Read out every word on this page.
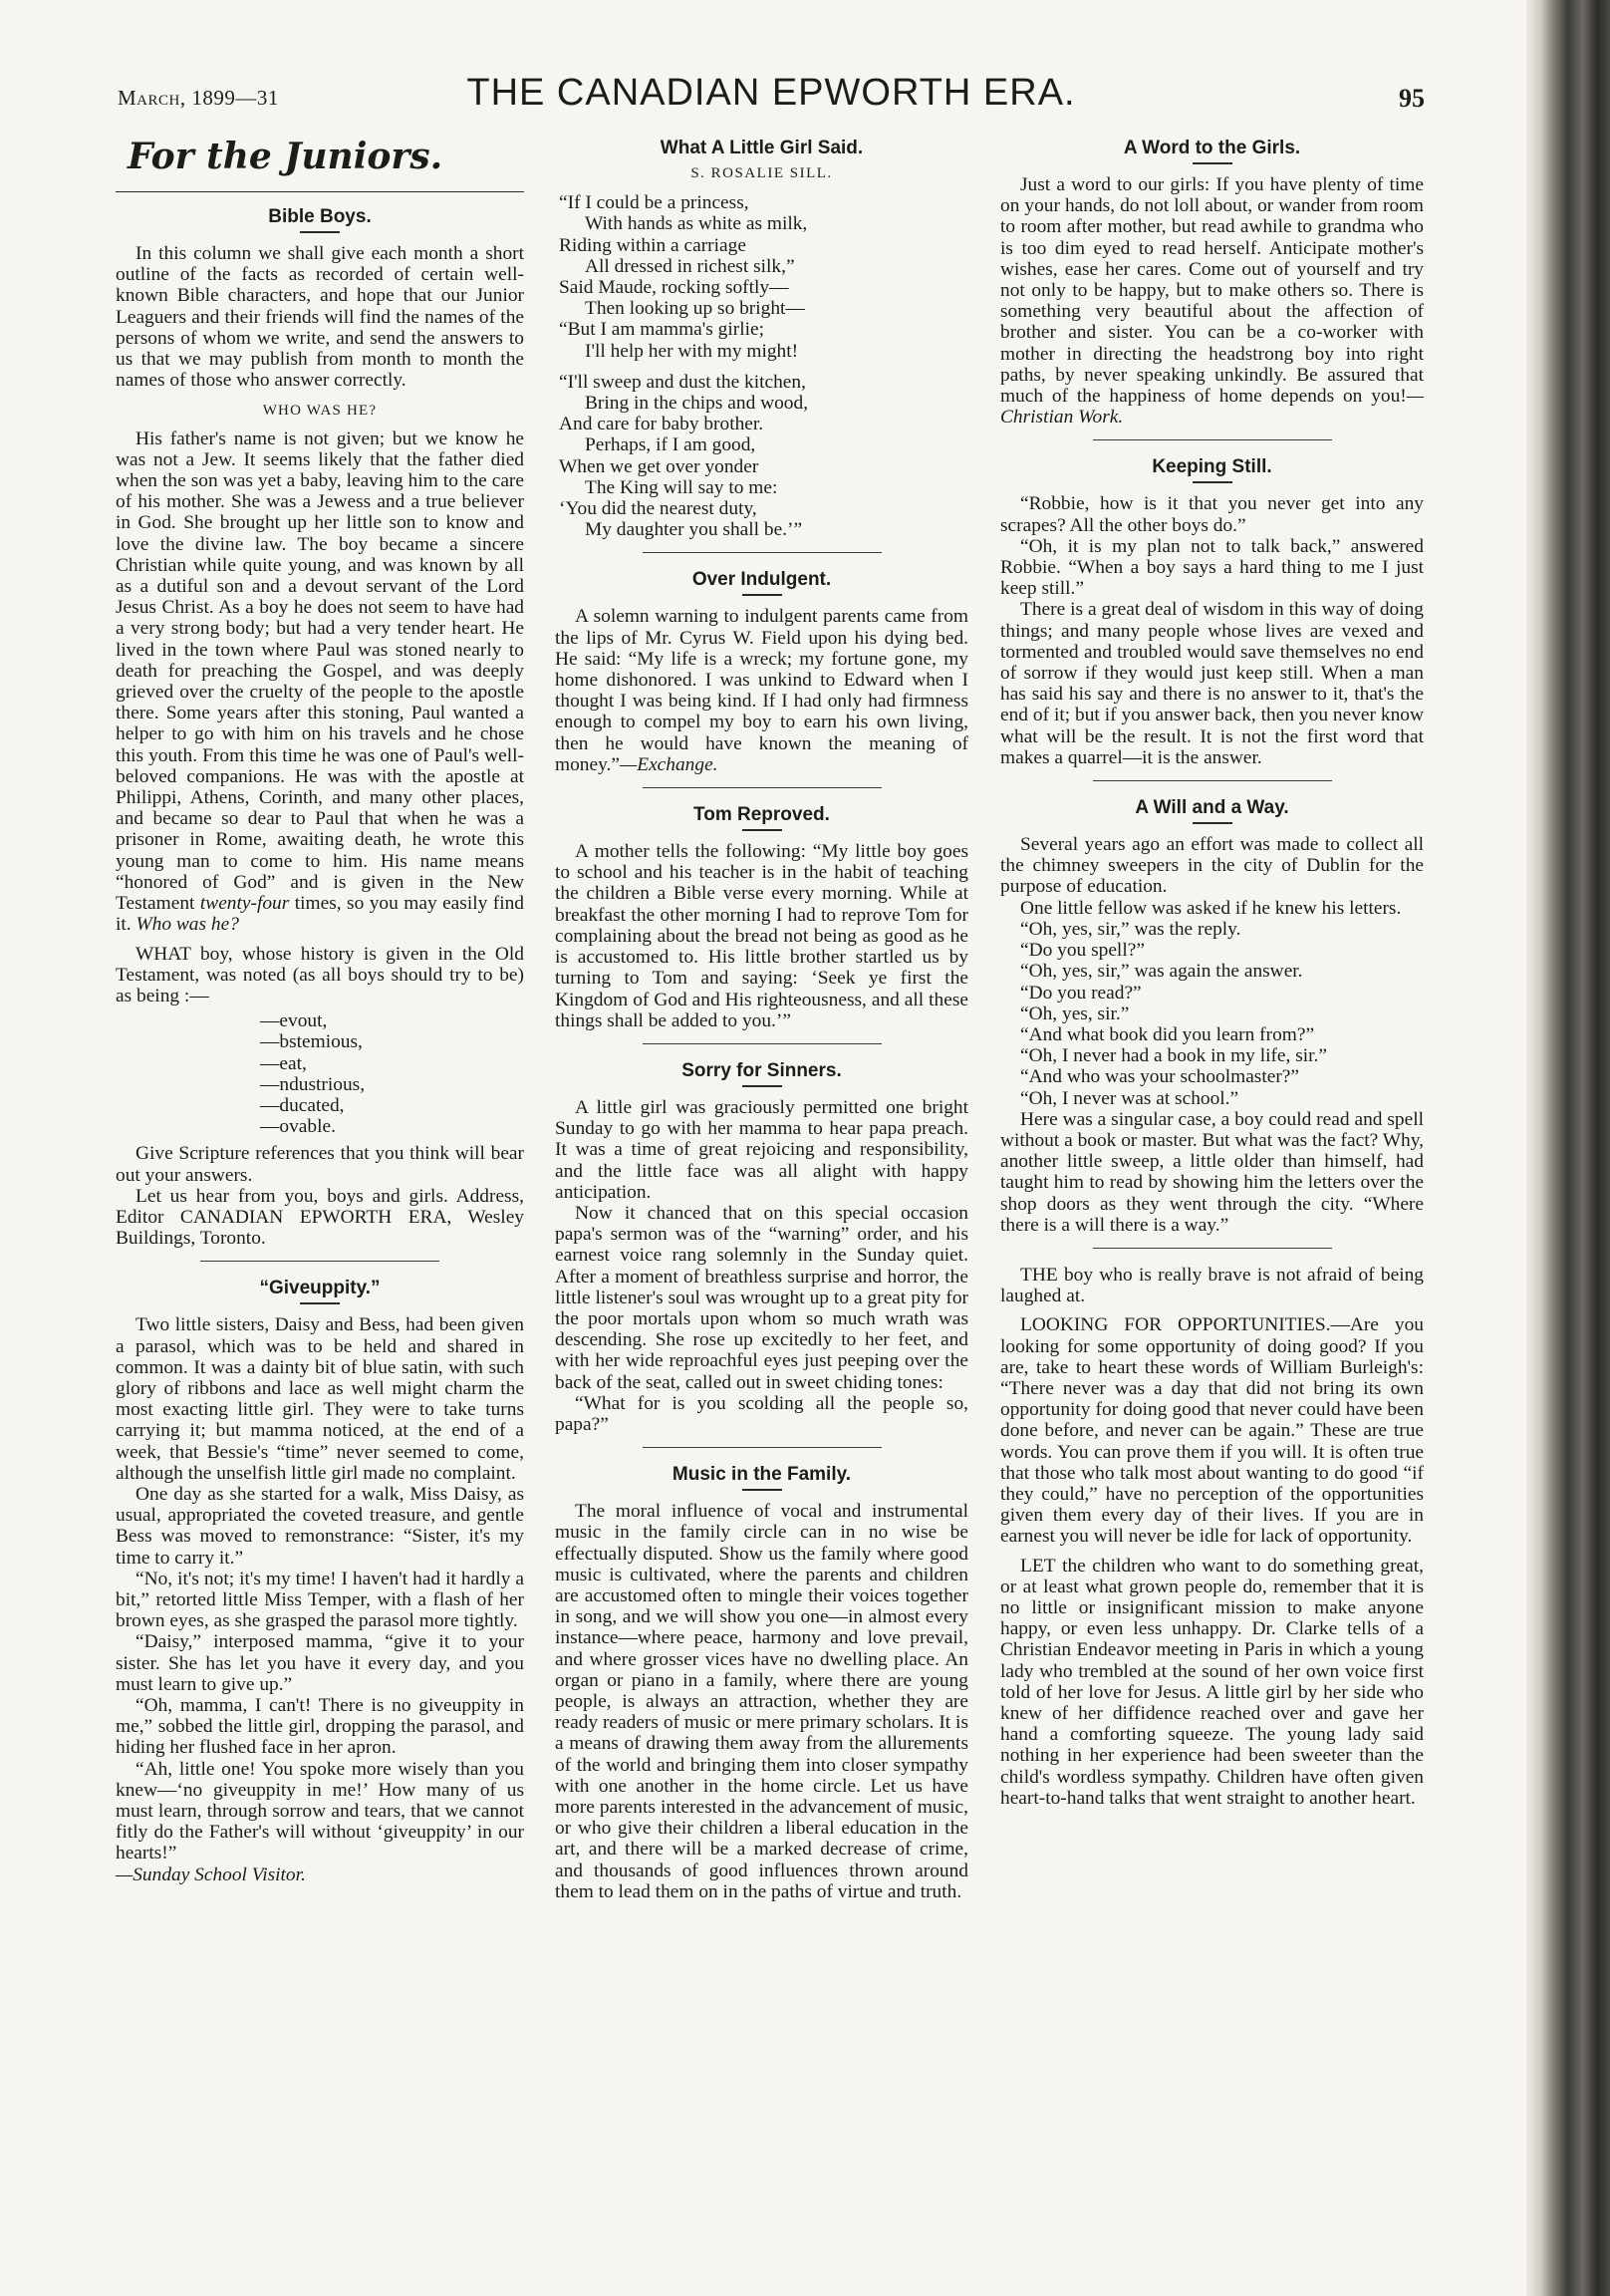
March, 1899—31	THE CANADIAN EPWORTH ERA.	95
For the Juniors.
Bible Boys.

In this column we shall give each month a short outline of the facts as recorded of certain well-known Bible characters, and hope that our Junior Leaguers and their friends will find the names of the persons of whom we write, and send the answers to us that we may publish from month to month the names of those who answer correctly.

WHO WAS HE?

His father's name is not given; but we know he was not a Jew. It seems likely that the father died when the son was yet a baby, leaving him to the care of his mother. She was a Jewess and a true believer in God. She brought up her little son to know and love the divine law. The boy became a sincere Christian while quite young, and was known by all as a dutiful son and a devout servant of the Lord Jesus Christ. As a boy he does not seem to have had a very strong body; but had a very tender heart. He lived in the town where Paul was stoned nearly to death for preaching the Gospel, and was deeply grieved over the cruelty of the people to the apostle there. Some years after this stoning, Paul wanted a helper to go with him on his travels and he chose this youth. From this time he was one of Paul's well-beloved companions. He was with the apostle at Philippi, Athens, Corinth, and many other places, and became so dear to Paul that when he was a prisoner in Rome, awaiting death, he wrote this young man to come to him. His name means “honored of God” and is given in the New Testament twenty-four times, so you may easily find it. Who was he?

WHAT boy, whose history is given in the Old Testament, was noted (as all boys should try to be) as being :—

—evout,
—bstemious,
—eat,
—ndustrious,
—ducated,
—ovable.

Give Scripture references that you think will bear out your answers.

Let us hear from you, boys and girls. Address, Editor CANADIAN EPWORTH ERA, Wesley Buildings, Toronto.

“Giveuppity.”

Two little sisters, Daisy and Bess, had been given a parasol, which was to be held and shared in common. It was a dainty bit of blue satin, with such glory of ribbons and lace as well might charm the most exacting little girl. They were to take turns carrying it; but mamma noticed, at the end of a week, that Bessie's “time” never seemed to come, although the unselfish little girl made no complaint.

One day as she started for a walk, Miss Daisy, as usual, appropriated the coveted treasure, and gentle Bess was moved to remonstrance: “Sister, it's my time to carry it.”

“No, it's not; it's my time! I haven't had it hardly a bit,” retorted little Miss Temper, with a flash of her brown eyes, as she grasped the parasol more tightly.

“Daisy,” interposed mamma, “give it to your sister. She has let you have it every day, and you must learn to give up.”

“Oh, mamma, I can't! There is no giveuppity in me,” sobbed the little girl, dropping the parasol, and hiding her flushed face in her apron.

“Ah, little one! You spoke more wisely than you knew—‘no giveuppity in me!’ How many of us must learn, through sorrow and tears, that we cannot fitly do the Father's will without ‘giveuppity’ in our hearts!”

—Sunday School Visitor.

What A Little Girl Said.
S. ROSALIE SILL.
“If I could be a princess,
With hands as white as milk,
Riding within a carriage
All dressed in richest silk,”
Said Maude, rocking softly—
Then looking up so bright—
“But I am mamma's girlie;
I'll help her with my might!
“I'll sweep and dust the kitchen,
Bring in the chips and wood,
And care for baby brother.
Perhaps, if I am good,
When we get over yonder
The King will say to me:
‘You did the nearest duty,
My daughter you shall be.’”
Over Indulgent.

A solemn warning to indulgent parents came from the lips of Mr. Cyrus W. Field upon his dying bed. He said: “My life is a wreck; my fortune gone, my home dishonored. I was unkind to Edward when I thought I was being kind. If I had only had firmness enough to compel my boy to earn his own living, then he would have known the meaning of money.”—Exchange.

Tom Reproved.

A mother tells the following: “My little boy goes to school and his teacher is in the habit of teaching the children a Bible verse every morning. While at breakfast the other morning I had to reprove Tom for complaining about the bread not being as good as he is accustomed to. His little brother startled us by turning to Tom and saying: ‘Seek ye first the Kingdom of God and His righteousness, and all these things shall be added to you.’”

Sorry for Sinners.

A little girl was graciously permitted one bright Sunday to go with her mamma to hear papa preach. It was a time of great rejoicing and responsibility, and the little face was all alight with happy anticipation.

Now it chanced that on this special occasion papa's sermon was of the “warning” order, and his earnest voice rang solemnly in the Sunday quiet. After a moment of breathless surprise and horror, the little listener's soul was wrought up to a great pity for the poor mortals upon whom so much wrath was descending. She rose up excitedly to her feet, and with her wide reproachful eyes just peeping over the back of the seat, called out in sweet chiding tones:

“What for is you scolding all the people so, papa?”

Music in the Family.

The moral influence of vocal and instrumental music in the family circle can in no wise be effectually disputed. Show us the family where good music is cultivated, where the parents and children are accustomed often to mingle their voices together in song, and we will show you one—in almost every instance—where peace, harmony and love prevail, and where grosser vices have no dwelling place. An organ or piano in a family, where there are young people, is always an attraction, whether they are ready readers of music or mere primary scholars. It is a means of drawing them away from the allurements of the world and bringing them into closer sympathy with one another in the home circle. Let us have more parents interested in the advancement of music, or who give their children a liberal education in the art, and there will be a marked decrease of crime, and thousands of good influences thrown around them to lead them on in the paths of virtue and truth.

A Word to the Girls.

Just a word to our girls: If you have plenty of time on your hands, do not loll about, or wander from room to room after mother, but read awhile to grandma who is too dim eyed to read herself. Anticipate mother's wishes, ease her cares. Come out of yourself and try not only to be happy, but to make others so. There is something very beautiful about the affection of brother and sister. You can be a co-worker with mother in directing the headstrong boy into right paths, by never speaking unkindly. Be assured that much of the happiness of home depends on you!—Christian Work.

Keeping Still.

“Robbie, how is it that you never get into any scrapes? All the other boys do.”

“Oh, it is my plan not to talk back,” answered Robbie. “When a boy says a hard thing to me I just keep still.”

There is a great deal of wisdom in this way of doing things; and many people whose lives are vexed and tormented and troubled would save themselves no end of sorrow if they would just keep still. When a man has said his say and there is no answer to it, that's the end of it; but if you answer back, then you never know what will be the result. It is not the first word that makes a quarrel—it is the answer.

A Will and a Way.

Several years ago an effort was made to collect all the chimney sweepers in the city of Dublin for the purpose of education.

One little fellow was asked if he knew his letters.

“Oh, yes, sir,” was the reply.

“Do you spell?”

“Oh, yes, sir,” was again the answer.

“Do you read?”

“Oh, yes, sir.”

“And what book did you learn from?”

“Oh, I never had a book in my life, sir.”

“And who was your schoolmaster?”

“Oh, I never was at school.”

Here was a singular case, a boy could read and spell without a book or master. But what was the fact? Why, another little sweep, a little older than himself, had taught him to read by showing him the letters over the shop doors as they went through the city. “Where there is a will there is a way.”

THE boy who is really brave is not afraid of being laughed at.

LOOKING FOR OPPORTUNITIES.—Are you looking for some opportunity of doing good? If you are, take to heart these words of William Burleigh's: “There never was a day that did not bring its own opportunity for doing good that never could have been done before, and never can be again.” These are true words. You can prove them if you will. It is often true that those who talk most about wanting to do good “if they could,” have no perception of the opportunities given them every day of their lives. If you are in earnest you will never be idle for lack of opportunity.

LET the children who want to do something great, or at least what grown people do, remember that it is no little or insignificant mission to make anyone happy, or even less unhappy. Dr. Clarke tells of a Christian Endeavor meeting in Paris in which a young lady who trembled at the sound of her own voice first told of her love for Jesus. A little girl by her side who knew of her diffidence reached over and gave her hand a comforting squeeze. The young lady said nothing in her experience had been sweeter than the child's wordless sympathy. Children have often given heart-to-hand talks that went straight to another heart.
